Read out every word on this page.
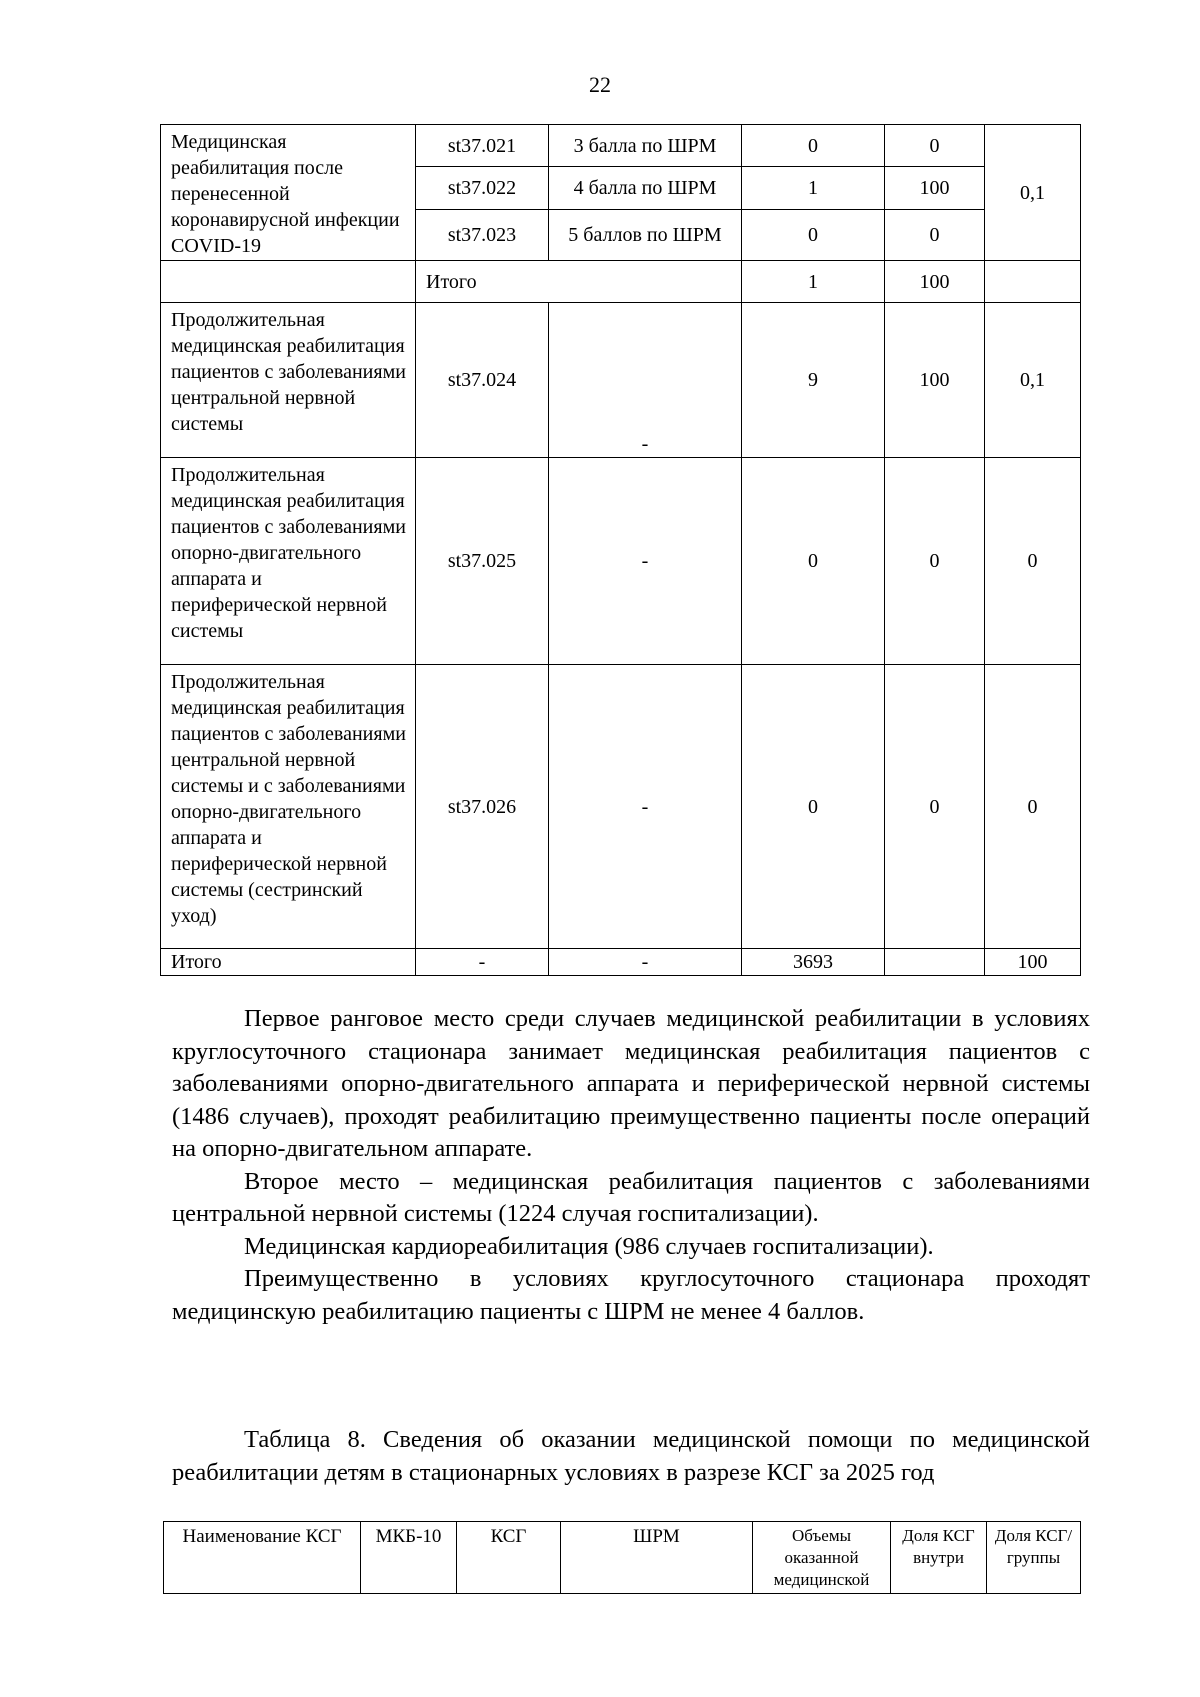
22
Медицинская реабилитация после перенесенной коронавирусной инфекции COVID-19	st37.021	3 балла по ШРМ	0	0	0,1
	st37.022	4 балла по ШРМ	1	100	
	st37.023	5 баллов по ШРМ	0	0	
	Итого		1	100	
Продолжительная медицинская реабилитация пациентов с заболеваниями центральной нервной системы	st37.024	-	9	100	0,1
Продолжительная медицинская реабилитация пациентов с заболеваниями опорно-двигательного аппарата и периферической нервной системы	st37.025	-	0	0	0
Продолжительная медицинская реабилитация пациентов с заболеваниями центральной нервной системы и с заболеваниями опорно-двигательного аппарата и периферической нервной системы (сестринский уход)	st37.026	-	0	0	0
Итого	-	-	3693		100

Первое ранговое место среди случаев медицинской реабилитации в условиях круглосуточного стационара занимает медицинская реабилитация пациентов с заболеваниями опорно-двигательного аппарата и периферической нервной системы (1486 случаев), проходят реабилитацию преимущественно пациенты после операций на опорно-двигательном аппарате.

Второе место – медицинская реабилитация пациентов с заболеваниями центральной нервной системы (1224 случая госпитализации).

Медицинская кардиореабилитация (986 случаев госпитализации).

Преимущественно в условиях круглосуточного стационара проходят медицинскую реабилитацию пациенты с ШРМ не менее 4 баллов.

Таблица 8. Сведения об оказании медицинской помощи по медицинской реабилитации детям в стационарных условиях в разрезе КСГ за 2025 год

Наименование КСГ	МКБ-10	КСГ	ШРМ	Объемы оказанной медицинской	Доля КСГ внутри	Доля КСГ/группы
